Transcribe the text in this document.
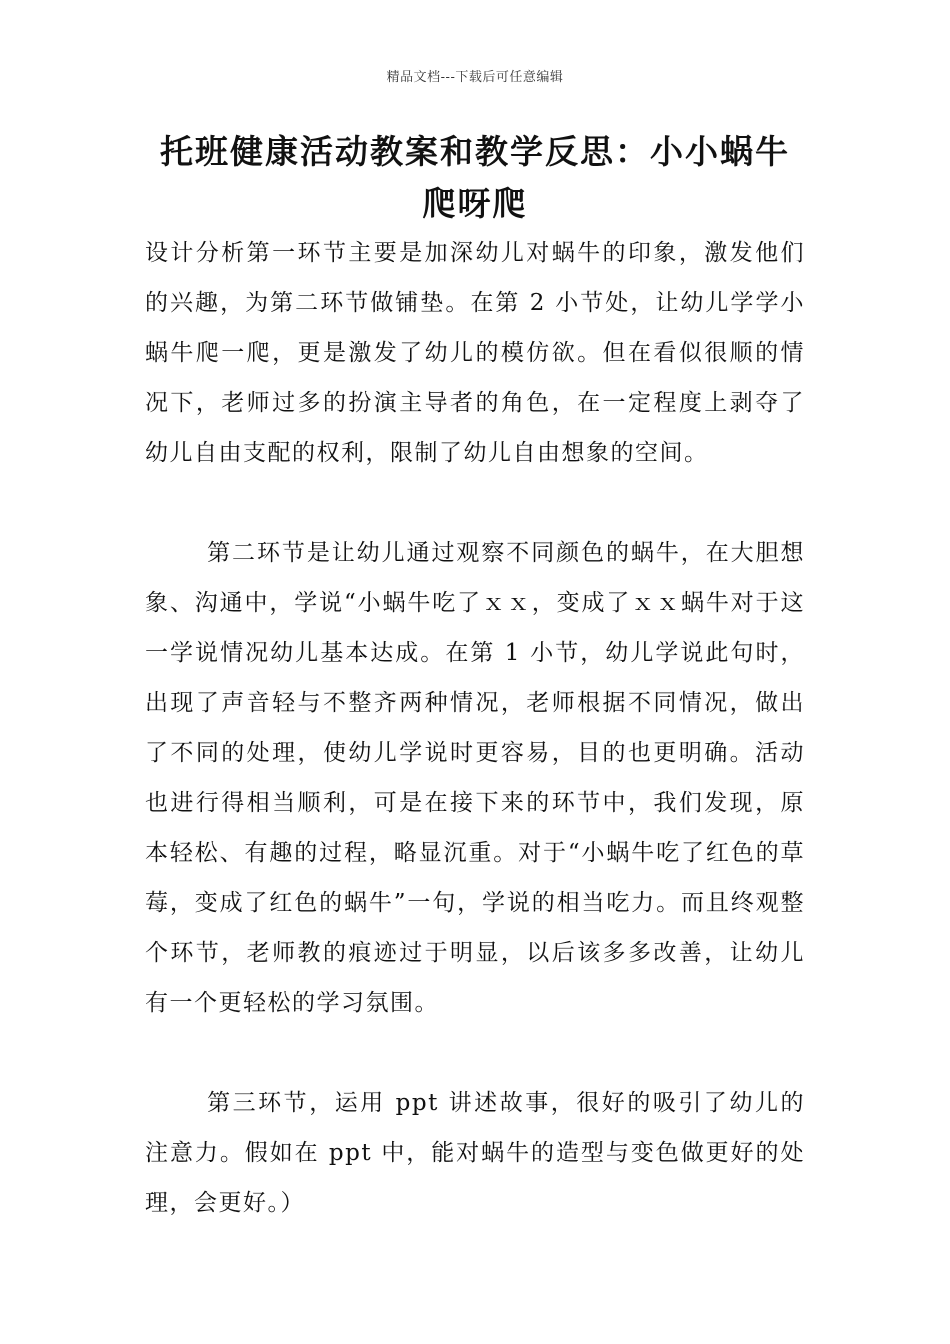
精品文档---下载后可任意编辑
托班健康活动教案和教学反思：小小蜗牛爬呀爬

设计分析第一环节主要是加深幼儿对蜗牛的印象，激发他们的兴趣，为第二环节做铺垫。在第 2 小节处，让幼儿学学小蜗牛爬一爬，更是激发了幼儿的模仿欲。但在看似很顺的情况下，老师过多的扮演主导者的角色，在一定程度上剥夺了幼儿自由支配的权利，限制了幼儿自由想象的空间。

第二环节是让幼儿通过观察不同颜色的蜗牛，在大胆想象、沟通中，学说“小蜗牛吃了ｘｘ，变成了ｘｘ蜗牛对于这一学说情况幼儿基本达成。在第 1 小节，幼儿学说此句时，出现了声音轻与不整齐两种情况，老师根据不同情况，做出了不同的处理，使幼儿学说时更容易，目的也更明确。活动也进行得相当顺利，可是在接下来的环节中，我们发现，原本轻松、有趣的过程，略显沉重。对于“小蜗牛吃了红色的草莓，变成了红色的蜗牛”一句，学说的相当吃力。而且终观整个环节，老师教的痕迹过于明显，以后该多多改善，让幼儿有一个更轻松的学习氛围。

第三环节，运用 ppt 讲述故事，很好的吸引了幼儿的注意力。假如在 ppt 中，能对蜗牛的造型与变色做更好的处理，会更好。）
